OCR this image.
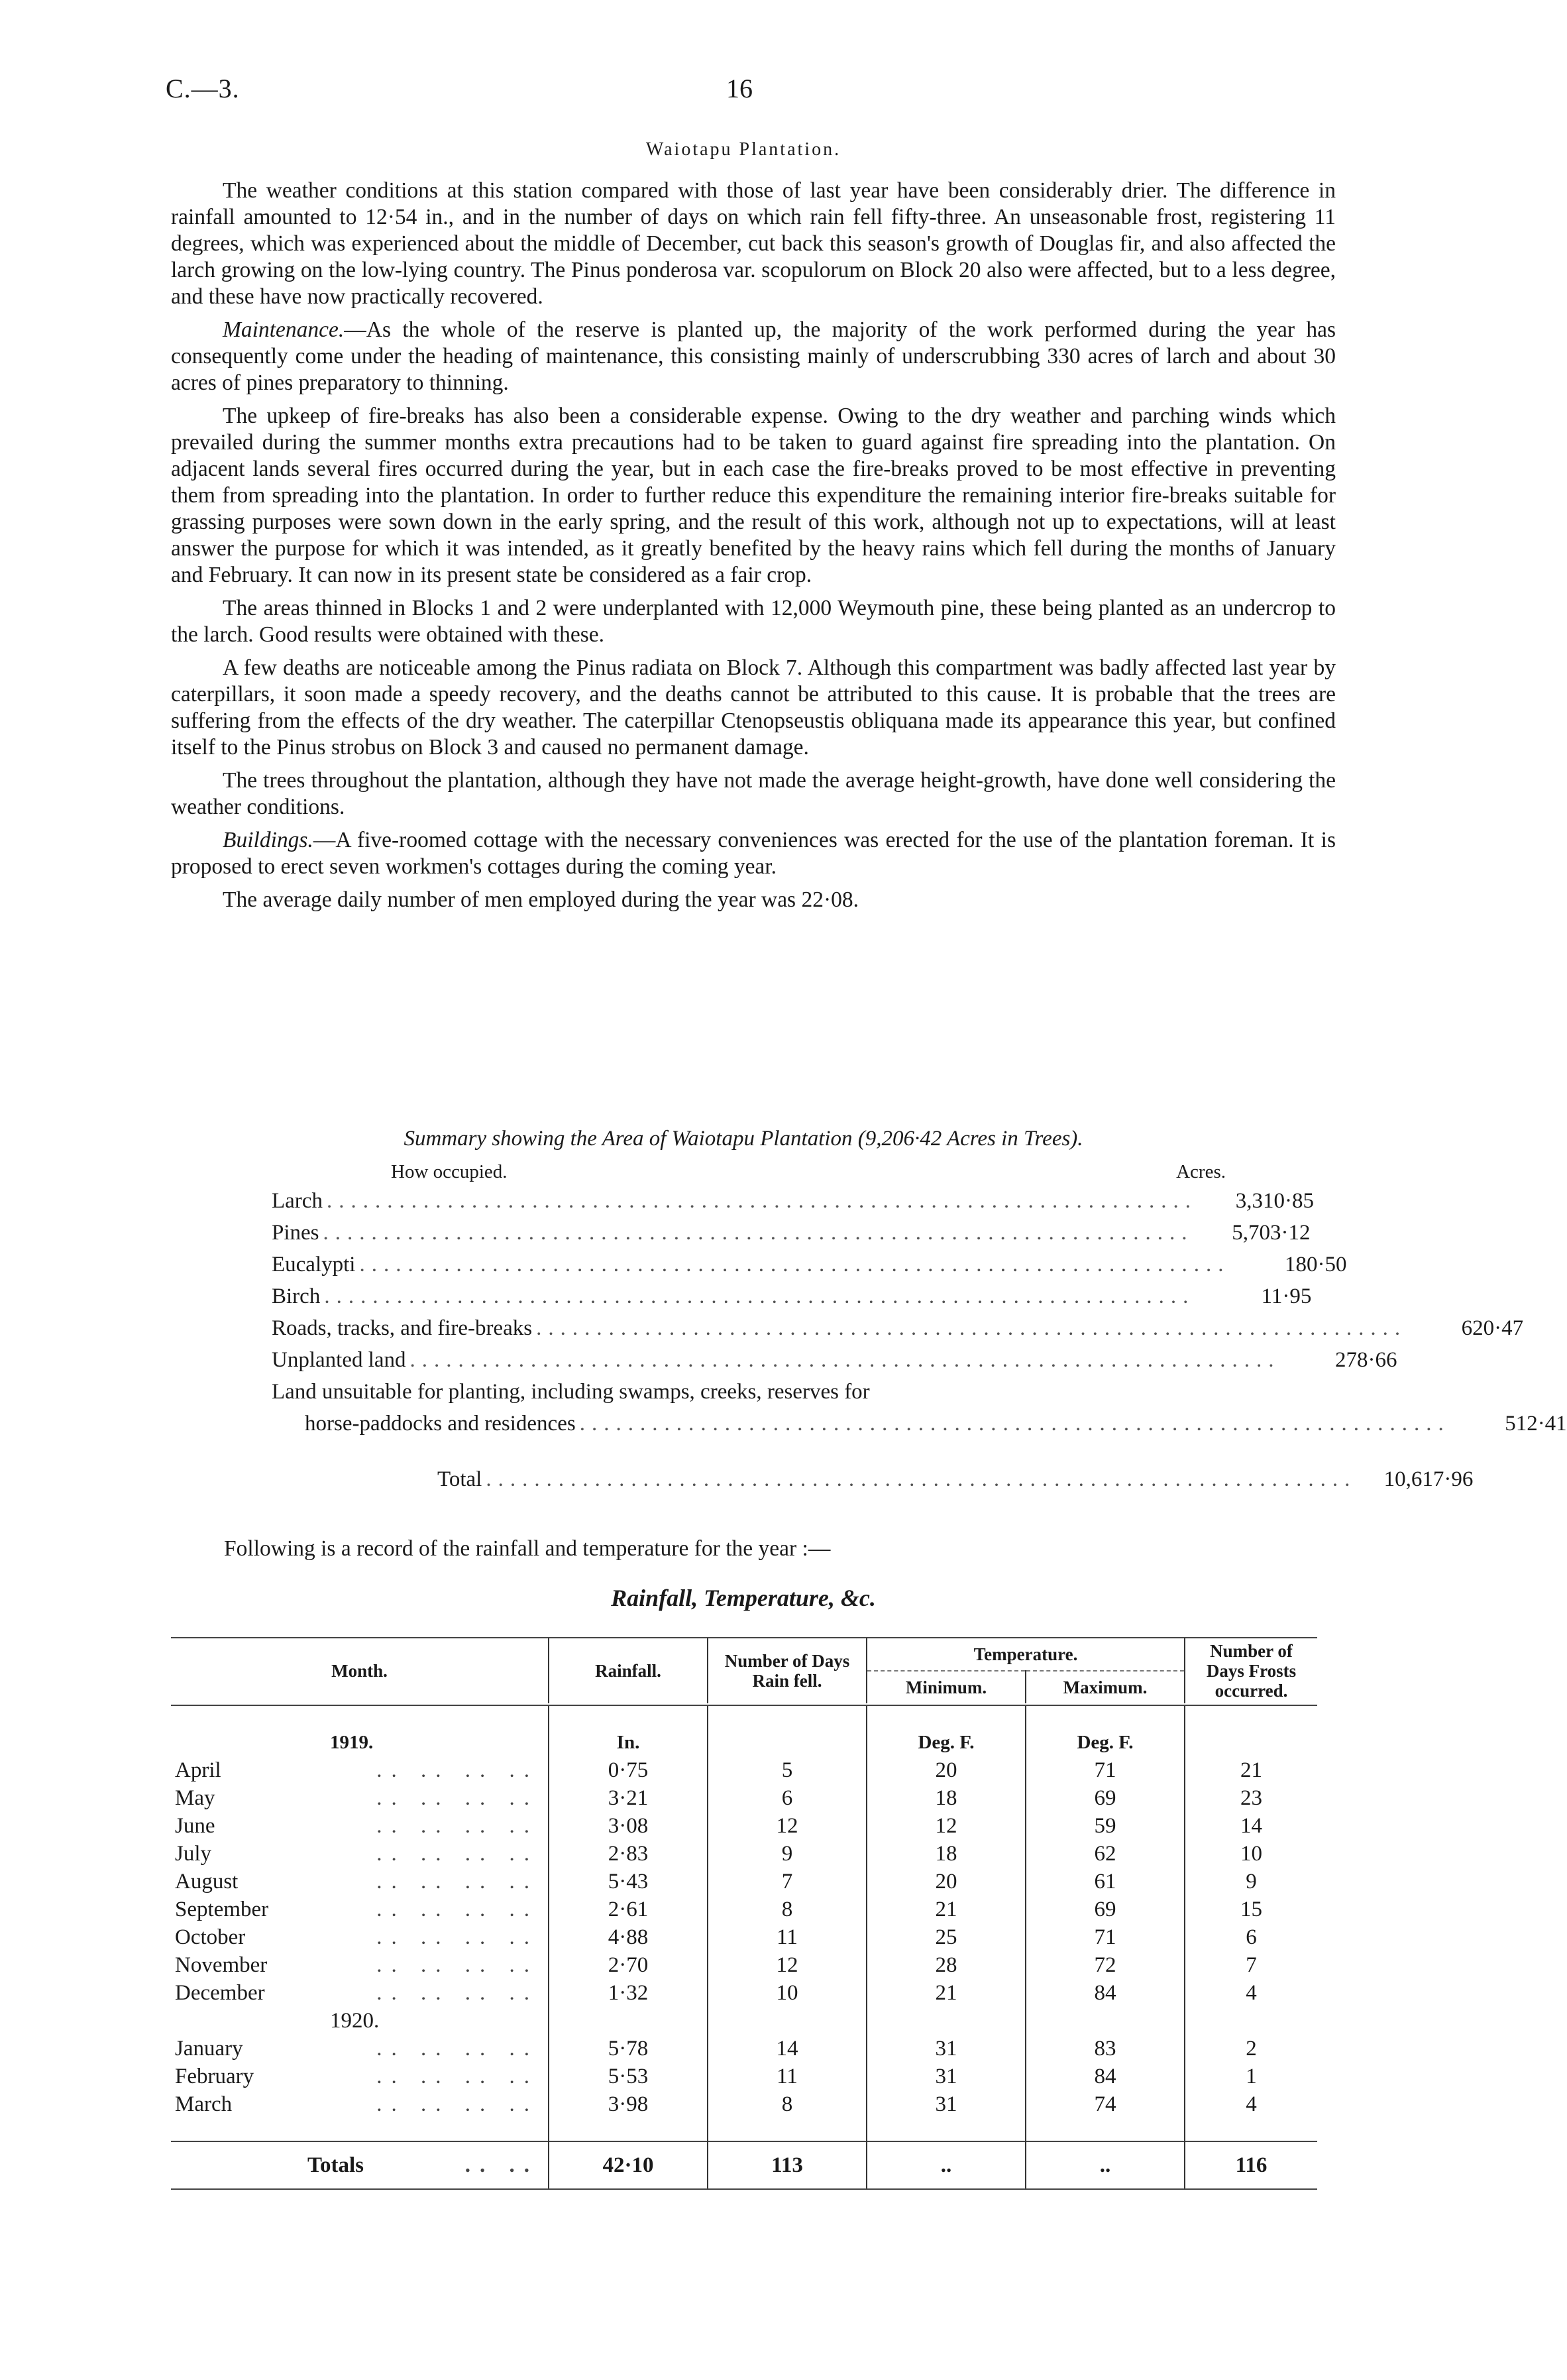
C.—3.	16
Waiotapu Plantation.

The weather conditions at this station compared with those of last year have been considerably drier. The difference in rainfall amounted to 12·54 in., and in the number of days on which rain fell fifty-three. An unseasonable frost, registering 11 degrees, which was experienced about the middle of December, cut back this season's growth of Douglas fir, and also affected the larch growing on the low-lying country. The Pinus ponderosa var. scopulorum on Block 20 also were affected, but to a less degree, and these have now practically recovered.

Maintenance.—As the whole of the reserve is planted up, the majority of the work performed during the year has consequently come under the heading of maintenance, this consisting mainly of underscrubbing 330 acres of larch and about 30 acres of pines preparatory to thinning.

The upkeep of fire-breaks has also been a considerable expense. Owing to the dry weather and parching winds which prevailed during the summer months extra precautions had to be taken to guard against fire spreading into the plantation. On adjacent lands several fires occurred during the year, but in each case the fire-breaks proved to be most effective in preventing them from spreading into the plantation. In order to further reduce this expenditure the remaining interior fire-breaks suitable for grassing purposes were sown down in the early spring, and the result of this work, although not up to expectations, will at least answer the purpose for which it was intended, as it greatly benefited by the heavy rains which fell during the months of January and February. It can now in its present state be considered as a fair crop.

The areas thinned in Blocks 1 and 2 were underplanted with 12,000 Weymouth pine, these being planted as an undercrop to the larch. Good results were obtained with these.

A few deaths are noticeable among the Pinus radiata on Block 7. Although this compartment was badly affected last year by caterpillars, it soon made a speedy recovery, and the deaths cannot be attributed to this cause. It is probable that the trees are suffering from the effects of the dry weather. The caterpillar Ctenopseustis obliquana made its appearance this year, but confined itself to the Pinus strobus on Block 3 and caused no permanent damage.

The trees throughout the plantation, although they have not made the average height-growth, have done well considering the weather conditions.

Buildings.—A five-roomed cottage with the necessary conveniences was erected for the use of the plantation foreman. It is proposed to erect seven workmen's cottages during the coming year.

The average daily number of men employed during the year was 22·08.

Summary showing the Area of Waiotapu Plantation (9,206·42 Acres in Trees).
How occupied.	Acres.
Larch ........................................................................	3,310·85
Pines ........................................................................	5,703·12
Eucalypti ........................................................................	180·50
Birch ........................................................................	11·95
Roads, tracks, and fire-breaks ........................................................................	620·47
Unplanted land ........................................................................	278·66
Land unsuitable for planting, including swamps, creeks, reserves for
horse-paddocks and residences ........................................................................	512·41
Total ........................................................................	10,617·96
Following is a record of the rainfall and temperature for the year :—
Rainfall, Temperature, &c.
Month.	Rainfall.	Number of Days Rain fell.	Temperature.		Number of Days Frosts occurred.
			Minimum.	Maximum.	

1919.	In.		Deg. F.	Deg. F.	

April .. .. .. ..	0·75	5	20	71	21

May .. .. .. ..	3·21	6	18	69	23

June .. .. .. ..	3·08	12	12	59	14

July .. .. .. ..	2·83	9	18	62	10

August .. .. .. ..	5·43	7	20	61	9

September .. .. .. ..	2·61	8	21	69	15

October .. .. .. ..	4·88	11	25	71	6

November .. .. .. ..	2·70	12	28	72	7

December .. .. .. ..	1·32	10	21	84	4
1920.					

January .. .. .. ..	5·78	14	31	83	2

February .. .. .. ..	5·53	11	31	84	1

March .. .. .. ..	3·98	8	31	74	4

Totals .. ..	42·10	113	..	..	116
